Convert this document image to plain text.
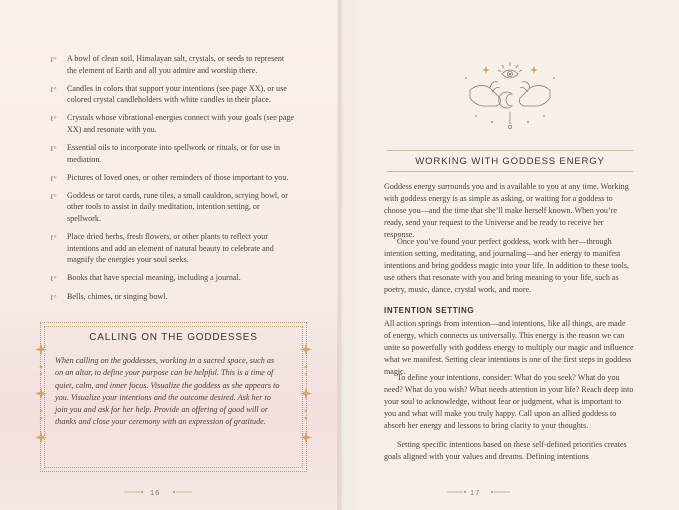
ℓ° A bowl of clean soil, Himalayan salt, crystals, or seeds to represent the element of Earth and all you admire and worship there.
ℓ° Candles in colors that support your intentions (see page XX), or use colored crystal candleholders with white candles in their place.
ℓ° Crystals whose vibrational energies connect with your goals (see page XX) and resonate with you.
ℓ° Essential oils to incorporate into spellwork or rituals, or for use in mediation.
ℓ° Pictures of loved ones, or other reminders of those important to you.
ℓ° Goddess or tarot cards, rune tiles, a small cauldron, scrying bowl, or other tools to assist in daily meditation, intention setting, or spellwork.
ℓ° Place dried herbs, fresh flowers, or other plants to reflect your intentions and add an element of natural beauty to celebrate and magnify the energies your soul seeks.
ℓ° Books that have special meaning, including a journal.
ℓ° Bells, chimes, or singing bowl.
CALLING ON THE GODDESSES
When calling on the goddesses, working in a sacred space, such as on an altar, to define your purpose can be helpful. This is a time of quiet, calm, and inner focus. Visualize the goddess as she appears to you. Visualize your intentions and the outcome desired. Ask her to join you and ask for her help. Provide an offering of good will or thanks and close your ceremony with an expression of gratitude.
16
WORKING WITH GODDESS ENERGY

Goddess energy surrounds you and is available to you at any time. Working with goddess energy is as simple as asking, or waiting for a goddess to choose you—and the time that she’ll make herself known. When you’re ready, send your request to the Universe and be ready to receive her response.

Once you’ve found your perfect goddess, work with her—through intention setting, meditating, and journaling—and her energy to manifest intentions and bring goddess magic into your life. In addition to these tools, use others that resonate with you and bring meaning to your life, such as poetry, music, dance, crystal work, and more.

INTENTION SETTING

All action springs from intention—and intentions, like all things, are made of energy, which connects us universally. This energy is the reason we can unite so powerfully with goddess energy to multiply our magic and influence what we manifest. Setting clear intentions is one of the first steps in goddess magic.

To define your intentions, consider: What do you seek? What do you need? What do you wish? What needs attention in your life? Reach deep into your soul to acknowledge, without fear or judgment, what is important to you and what will make you truly happy. Call upon an allied goddess to absorb her energy and lessons to bring clarity to your thoughts.

Setting specific intentions based on these self-defined priorities creates goals aligned with your values and dreams. Defining intentions

17
